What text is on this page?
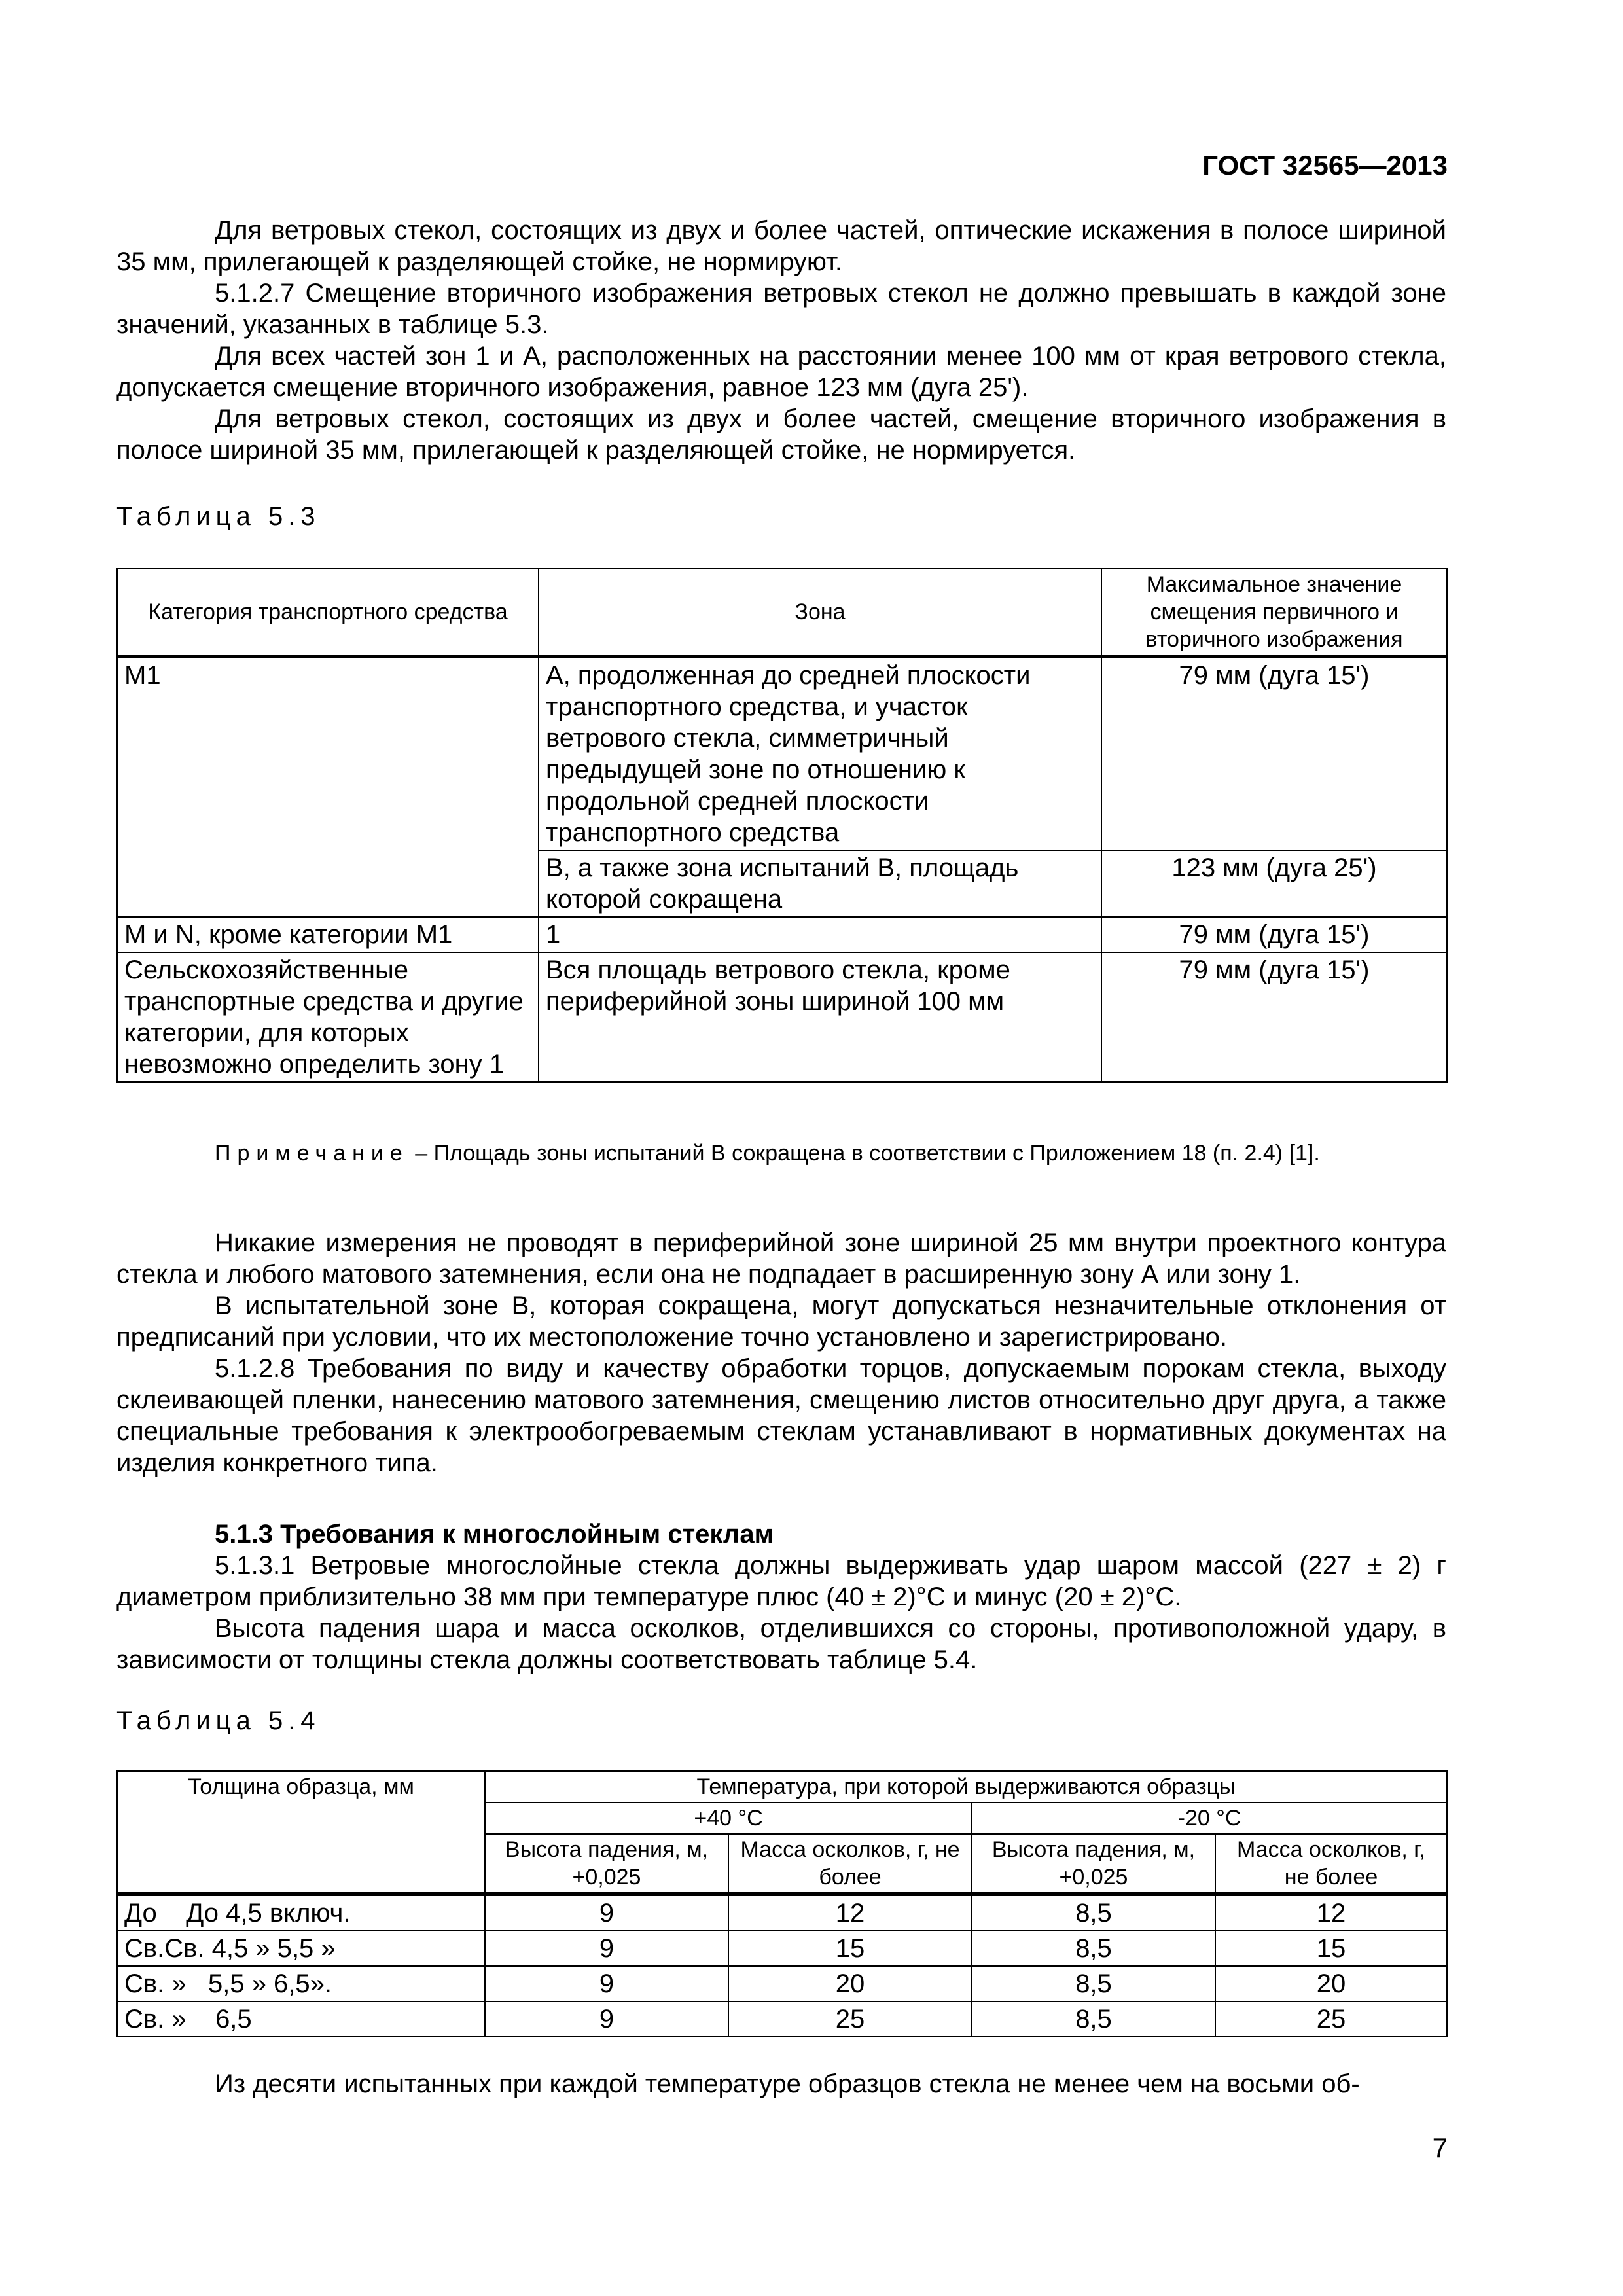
ГОСТ 32565—2013

Для ветровых стекол, состоящих из двух и более частей, оптические искажения в полосе шириной 35 мм, прилегающей к разделяющей стойке, не нормируют.

5.1.2.7 Смещение вторичного изображения ветровых стекол не должно превышать в каждой зоне значений, указанных в таблице 5.3.

Для всех частей зон 1 и А, расположенных на расстоянии менее 100 мм от края ветрового стекла, допускается смещение вторичного изображения, равное 123 мм (дуга 25').

Для ветровых стекол, состоящих из двух и более частей, смещение вторичного изображения в полосе шириной 35 мм, прилегающей к разделяющей стойке, не нормируется.

Таблица 5.3

Категория транспортного средства	Зона	Максимальное значение смещения первичного и вторичного изображения
M1	А, продолженная до средней плоскости транспортного средства, и участок ветрового стекла, симметричный предыдущей зоне по отношению к продольной средней плоскости транспортного средства	79 мм (дуга 15')
	В, а также зона испытаний В, площадь которой сокращена	123 мм (дуга 25')
M и N, кроме категории M1	1	79 мм (дуга 15')
Сельскохозяйственные транспортные средства и другие категории, для которых невозможно определить зону 1	Вся площадь ветрового стекла, кроме периферийной зоны шириной 100 мм	79 мм (дуга 15')

Примечание – Площадь зоны испытаний В сокращена в соответствии с Приложением 18 (п. 2.4) [1].

Никакие измерения не проводят в периферийной зоне шириной 25 мм внутри проектного контура стекла и любого матового затемнения, если она не подпадает в расширенную зону А или зону 1.

В испытательной зоне В, которая сокращена, могут допускаться незначительные отклонения от предписаний при условии, что их местоположение точно установлено и зарегистрировано.

5.1.2.8 Требования по виду и качеству обработки торцов, допускаемым порокам стекла, выходу склеивающей пленки, нанесению матового затемнения, смещению листов относительно друг друга, а также специальные требования к электрообогреваемым стеклам устанавливают в нормативных документах на изделия конкретного типа.

5.1.3 Требования к многослойным стеклам

5.1.3.1 Ветровые многослойные стекла должны выдерживать удар шаром массой (227 ± 2) г диаметром приблизительно 38 мм при температуре плюс (40 ± 2)°С и минус (20 ± 2)°С.

Высота падения шара и масса осколков, отделившихся со стороны, противоположной удару, в зависимости от толщины стекла должны соответствовать таблице 5.4.

Таблица 5.4

Толщина образца, мм	Температура, при которой выдерживаются образцы			
	+40 °С		-20 °С	
	Высота падения, м, +0,025	Масса осколков, г, не более	Высота падения, м, +0,025	Масса осколков, г, не более
До До 4,5 включ.	9	12	8,5	12
Св.Св. 4,5 » 5,5 »	9	15	8,5	15
Св. » 5,5 » 6,5».	9	20	8,5	20
Св. » 6,5	9	25	8,5	25

Из десяти испытанных при каждой температуре образцов стекла не менее чем на восьми об-

7
